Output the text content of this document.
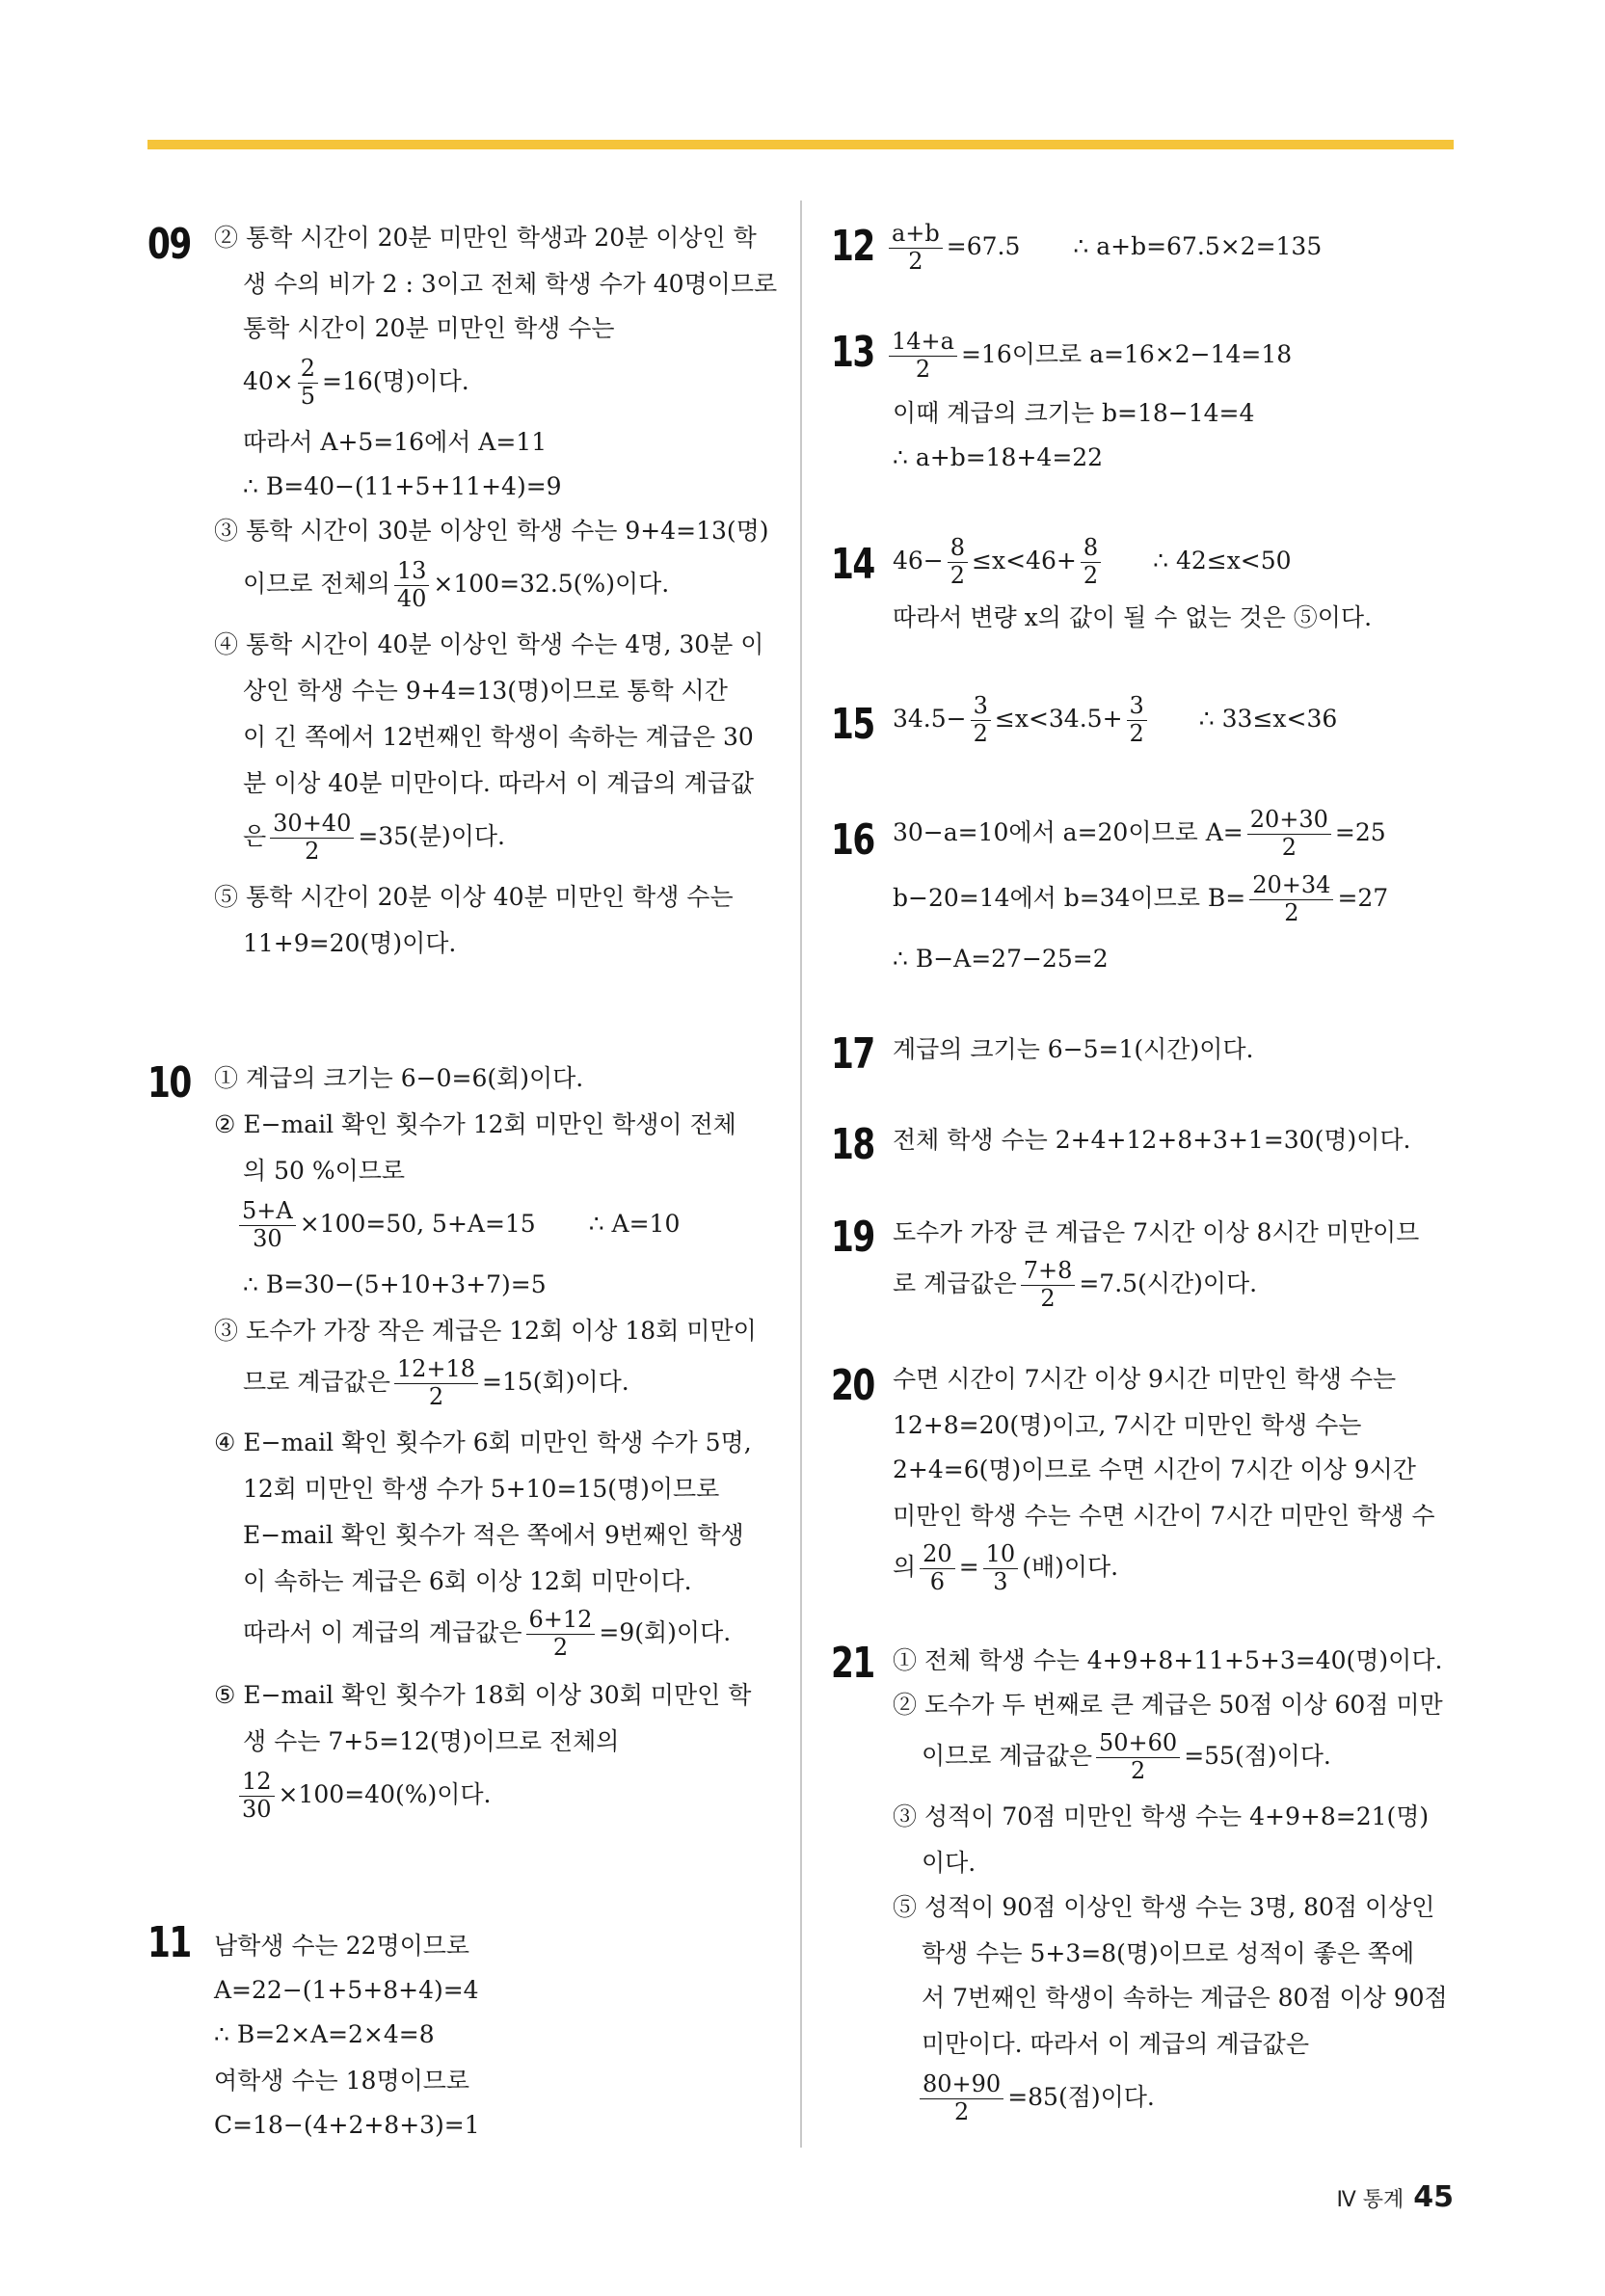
09 ② 통학 시간이 20분 미만인 학생과 20분 이상인 학
생 수의 비가 2 : 3이고 전체 학생 수가 40명이므로
통학 시간이 20분 미만인 학생 수는
$40\times \frac{2}{5} =16$(명)이다.
따라서 A+5=16에서 A=11
∴ B=40−(11+5+11+4)=9
③ 통학 시간이 30분 이상인 학생 수는 9+4=13(명)
이므로 전체의 $\frac{13}{40} \times 100=32.5(\%)$이다.
④ 통학 시간이 40분 이상인 학생 수는 4명, 30분 이
상인 학생 수는 9+4=13(명)이므로 통학 시간
이 긴 쪽에서 12번째인 학생이 속하는 계급은 30
분 이상 40분 미만이다. 따라서 이 계급의 계급값
은 $\frac{30+40}{2} =35$(분)이다.
⑤ 통학 시간이 20분 이상 40분 미만인 학생 수는
11+9=20(명)이다.
10 ① 계급의 크기는 6−0=6(회)이다.
② E−mail 확인 횟수가 12회 미만인 학생이 전체
의 50 %이므로
$\frac{5+A}{30} \times 100=50$, 5+A=15 ∴ A=10
∴ B=30−(5+10+3+7)=5
③ 도수가 가장 작은 계급은 12회 이상 18회 미만이
므로 계급값은 $\frac{12+18}{2} =15$(회)이다.
④ E−mail 확인 횟수가 6회 미만인 학생 수가 5명,
12회 미만인 학생 수가 5+10=15(명)이므로
E−mail 확인 횟수가 적은 쪽에서 9번째인 학생
이 속하는 계급은 6회 이상 12회 미만이다.
따라서 이 계급의 계급값은 $\frac{6+12}{2} =9$(회)이다.
⑤ E−mail 확인 횟수가 18회 이상 30회 미만인 학
생 수는 7+5=12(명)이므로 전체의
$\frac{12}{30} \times 100=40(\%)$이다.
11 남학생 수는 22명이므로
A=22−(1+5+8+4)=4
∴ B=2×A=2×4=8
여학생 수는 18명이므로
C=18−(4+2+8+3)=1
$12 \frac{a+b}{2} =67.5$ ∴ a+b=67.5×2=135
$13 \frac{14+a}{2} =16$이므로 a=16×2−14=18
이때 계급의 크기는 b=18−14=4
∴ a+b=18+4=22
14 $46- \frac{8}{2} \le x<46+ \frac{8}{2}$ ∴ 42≤x<50
따라서 변량 x의 값이 될 수 없는 것은 ⑤이다.
15 $34.5- \frac{3}{2} \le x<34.5+ \frac{3}{2}$ ∴ 33≤x<36
16 30−a=10에서 a=20이므로 $A= \frac{20+30}{2} =25$
b−20=14에서 b=34이므로 $B= \frac{20+34}{2} =27$
∴ B−A=27−25=2
17 계급의 크기는 6−5=1(시간)이다.
18 전체 학생 수는 2+4+12+8+3+1=30(명)이다.
19 도수가 가장 큰 계급은 7시간 이상 8시간 미만이므
로 계급값은 $\frac{7+8}{2} =7.5$(시간)이다.
20 수면 시간이 7시간 이상 9시간 미만인 학생 수는
12+8=20(명)이고, 7시간 미만인 학생 수는
2+4=6(명)이므로 수면 시간이 7시간 이상 9시간
미만인 학생 수는 수면 시간이 7시간 미만인 학생 수
의 $\frac{20}{6} = \frac{10}{3}$ (배)이다.
21 ① 전체 학생 수는 4+9+8+11+5+3=40(명)이다.
② 도수가 두 번째로 큰 계급은 50점 이상 60점 미만
이므로 계급값은 $\frac{50+60}{2} =55$(점)이다.
③ 성적이 70점 미만인 학생 수는 4+9+8=21(명)
이다.
⑤ 성적이 90점 이상인 학생 수는 3명, 80점 이상인
학생 수는 5+3=8(명)이므로 성적이 좋은 쪽에
서 7번째인 학생이 속하는 계급은 80점 이상 90점
미만이다. 따라서 이 계급의 계급값은
$\frac{80+90}{2} =85$(점)이다.
Ⅳ 통계 45
